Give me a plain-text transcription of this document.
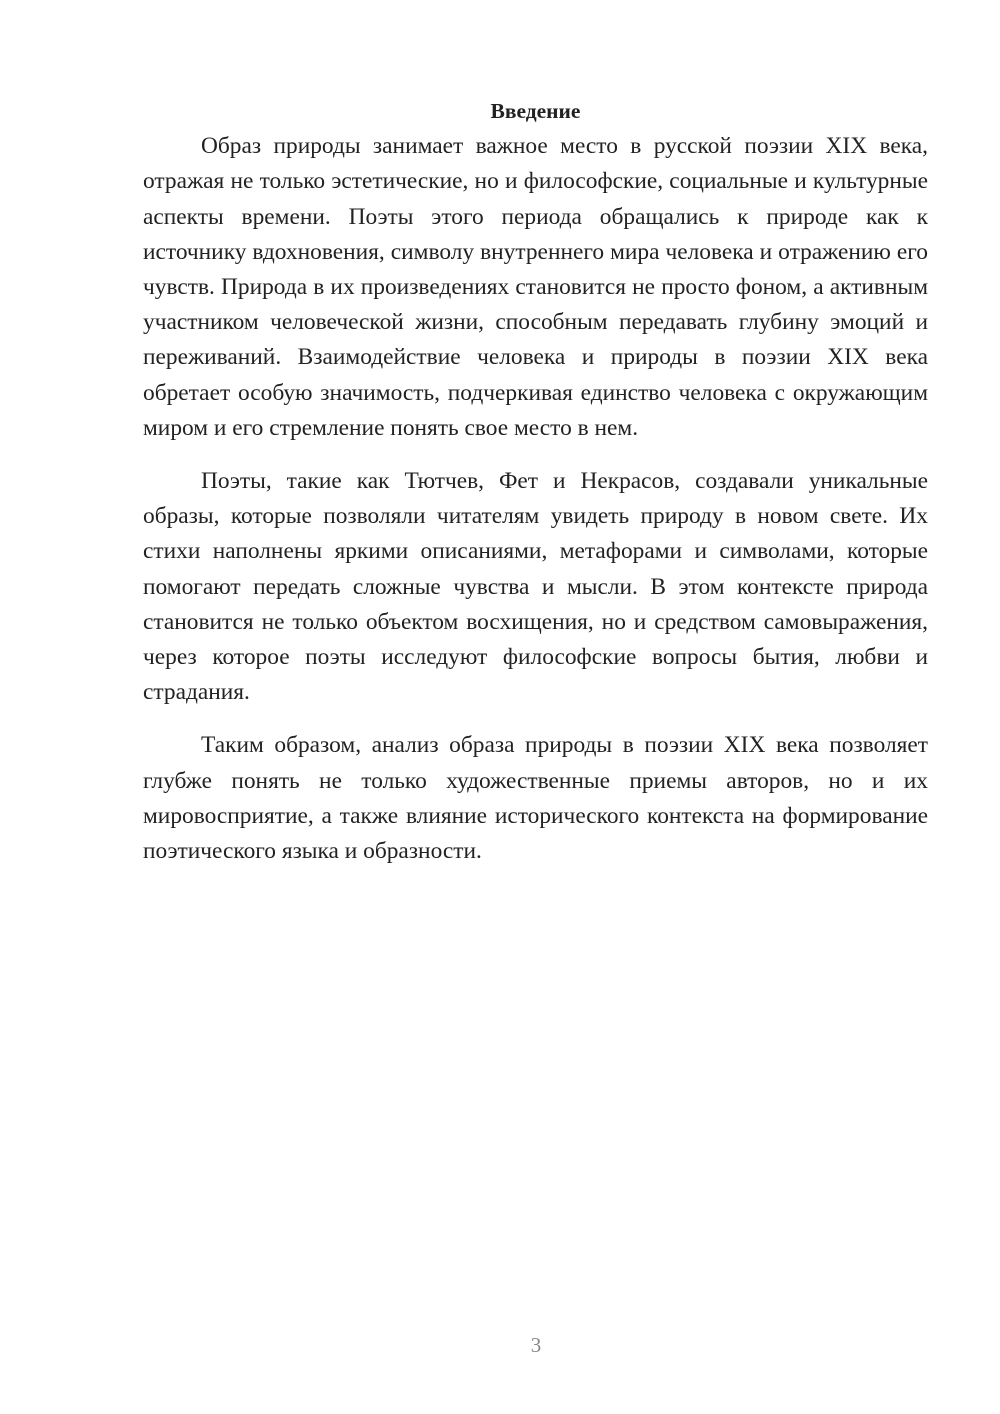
Введение

Образ природы занимает важное место в русской поэзии XIX века, отражая не только эстетические, но и философские, социальные и культурные аспекты времени. Поэты этого периода обращались к природе как к источнику вдохновения, символу внутреннего мира человека и отражению его чувств. Природа в их произведениях становится не просто фоном, а активным участником человеческой жизни, способным передавать глубину эмоций и переживаний. Взаимодействие человека и природы в поэзии XIX века обретает особую значимость, подчеркивая единство человека с окружающим миром и его стремление понять свое место в нем.

Поэты, такие как Тютчев, Фет и Некрасов, создавали уникальные образы, которые позволяли читателям увидеть природу в новом свете. Их стихи наполнены яркими описаниями, метафорами и символами, которые помогают передать сложные чувства и мысли. В этом контексте природа становится не только объектом восхищения, но и средством самовыражения, через которое поэты исследуют философские вопросы бытия, любви и страдания.

Таким образом, анализ образа природы в поэзии XIX века позволяет глубже понять не только художественные приемы авторов, но и их мировосприятие, а также влияние исторического контекста на формирование поэтического языка и образности.

3
